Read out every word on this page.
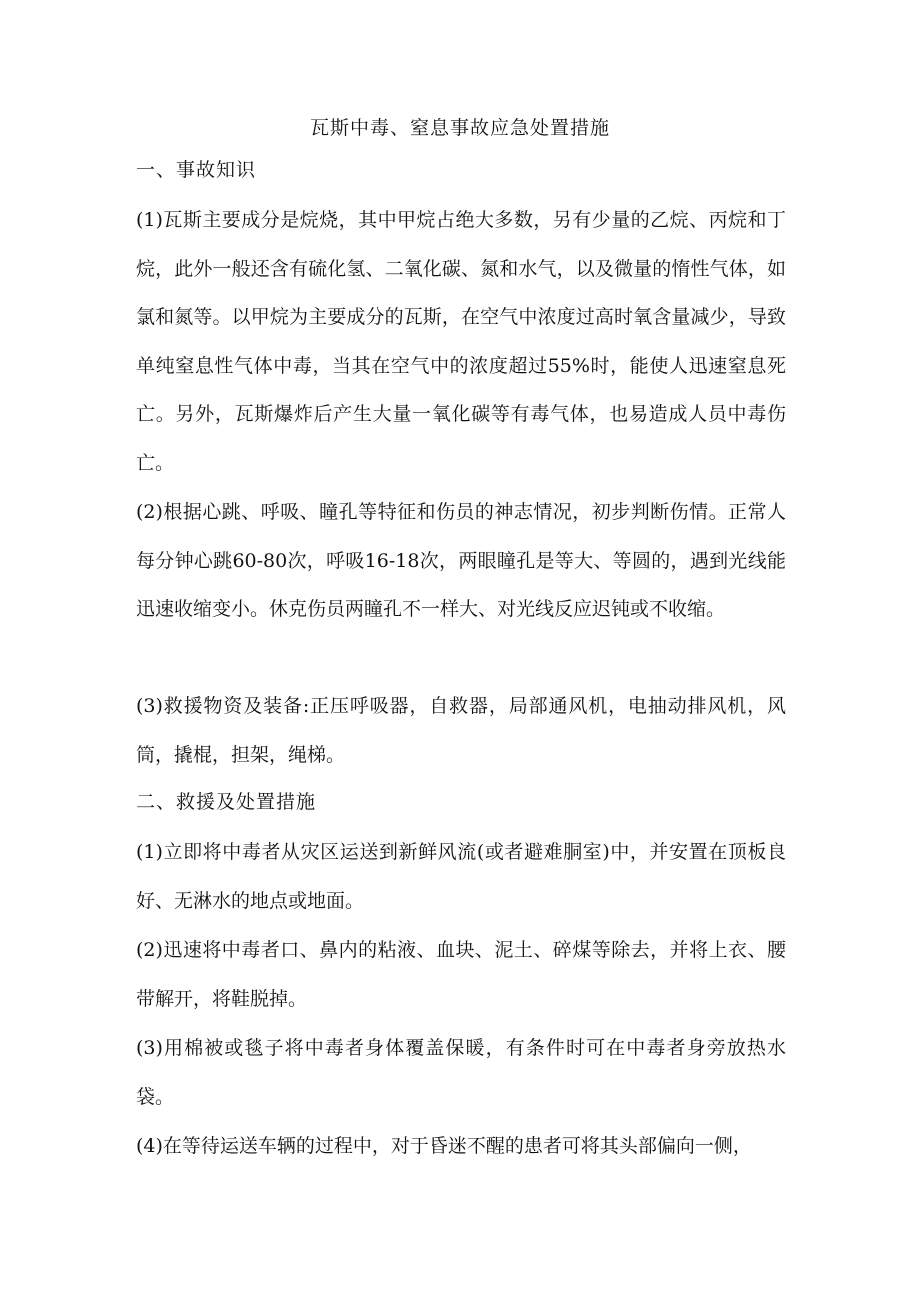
瓦斯中毒、窒息事故应急处置措施
一、事故知识

(1)瓦斯主要成分是烷烧，其中甲烷占绝大多数，另有少量的乙烷、丙烷和丁烷，此外一般还含有硫化氢、二氧化碳、氮和水气，以及微量的惰性气体，如氯和氮等。以甲烷为主要成分的瓦斯，在空气中浓度过高时氧含量减少，导致单纯窒息性气体中毒，当其在空气中的浓度超过55%时，能使人迅速窒息死亡。另外，瓦斯爆炸后产生大量一氧化碳等有毒气体，也易造成人员中毒伤亡。

(2)根据心跳、呼吸、瞳孔等特征和伤员的神志情况，初步判断伤情。正常人每分钟心跳60-80次，呼吸16-18次，两眼瞳孔是等大、等圆的，遇到光线能迅速收缩变小。休克伤员两瞳孔不一样大、对光线反应迟钝或不收缩。

(3)救援物资及装备:正压呼吸器，自救器，局部通风机，电抽动排风机，风筒，撬棍，担架，绳梯。

二、救援及处置措施

(1)立即将中毒者从灾区运送到新鲜风流(或者避难胴室)中，并安置在顶板良好、无淋水的地点或地面。

(2)迅速将中毒者口、鼻内的粘液、血块、泥土、碎煤等除去，并将上衣、腰带解开，将鞋脱掉。

(3)用棉被或毯子将中毒者身体覆盖保暖，有条件时可在中毒者身旁放热水袋。

(4)在等待运送车辆的过程中，对于昏迷不醒的患者可将其头部偏向一侧，
